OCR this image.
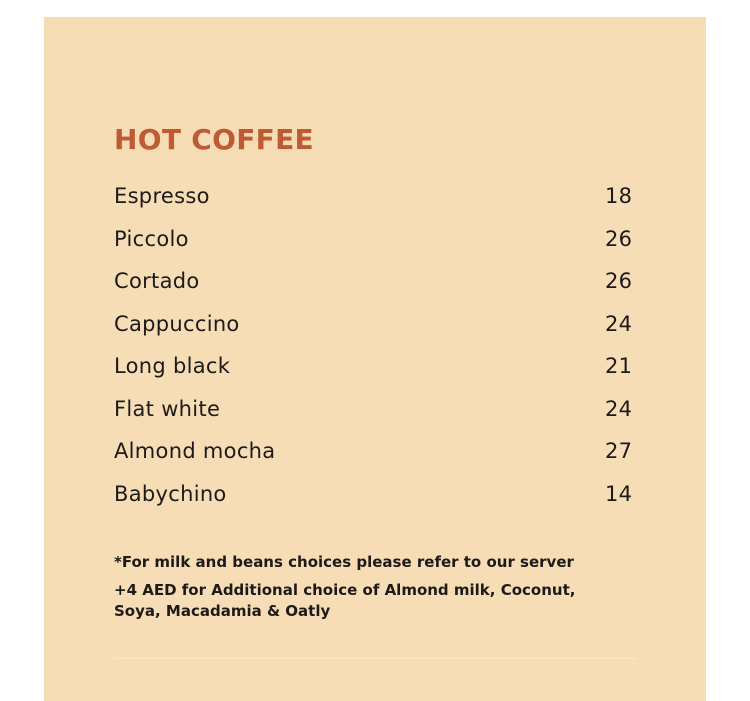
HOT COFFEE
Espresso	18
Piccolo	26
Cortado	26
Cappuccino	24
Long black	21
Flat white	24
Almond mocha	27
Babychino	14
*For milk and beans choices please refer to our server
+4 AED for Additional choice of Almond milk, Coconut, Soya, Macadamia & Oatly
